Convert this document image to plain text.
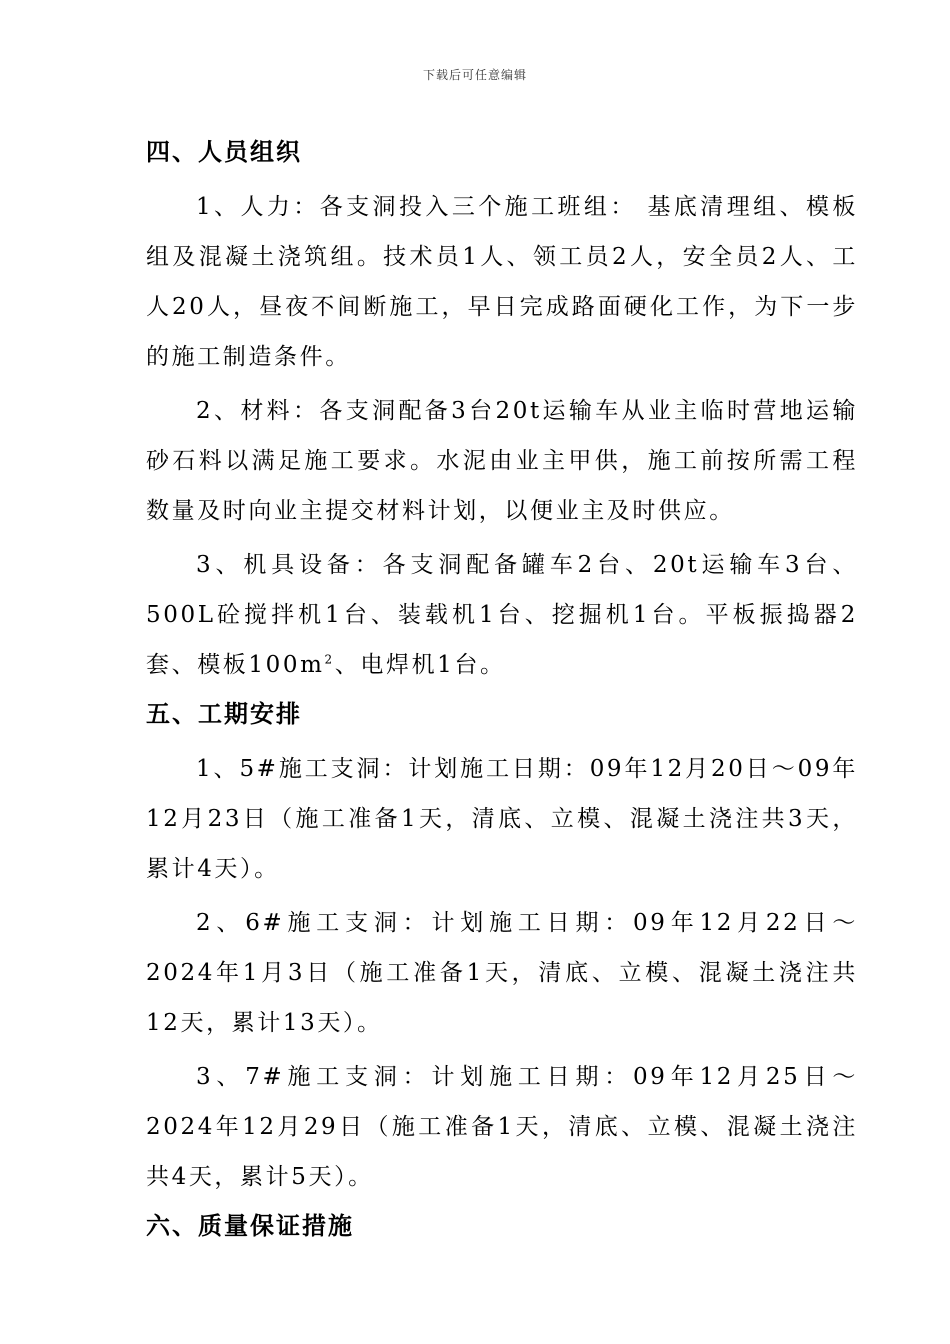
下载后可任意编辑
四、人员组织

1、人力：各支洞投入三个施工班组： 基底清理组、模板组及混凝土浇筑组。技术员1人、领工员2人，安全员2人、工人20人，昼夜不间断施工，早日完成路面硬化工作，为下一步的施工制造条件。

2、材料：各支洞配备3台20t运输车从业主临时营地运输砂石料以满足施工要求。水泥由业主甲供，施工前按所需工程数量及时向业主提交材料计划，以便业主及时供应。

3、机具设备：各支洞配备罐车2台、20t运输车3台、500L砼搅拌机1台、装载机1台、挖掘机1台。平板振捣器2套、模板$100m^2$、电焊机1台。

五、工期安排

1、5#施工支洞：计划施工日期：09年12月20日～09年12月23日（施工准备1天，清底、立模、混凝土浇注共3天，累计4天）。

2、6#施工支洞：计划施工日期：09年12月22日～2024年1月3日（施工准备1天，清底、立模、混凝土浇注共12天，累计13天）。

3、7#施工支洞：计划施工日期：09年12月25日～2024年12月29日（施工准备1天，清底、立模、混凝土浇注共4天，累计5天）。

六、质量保证措施
